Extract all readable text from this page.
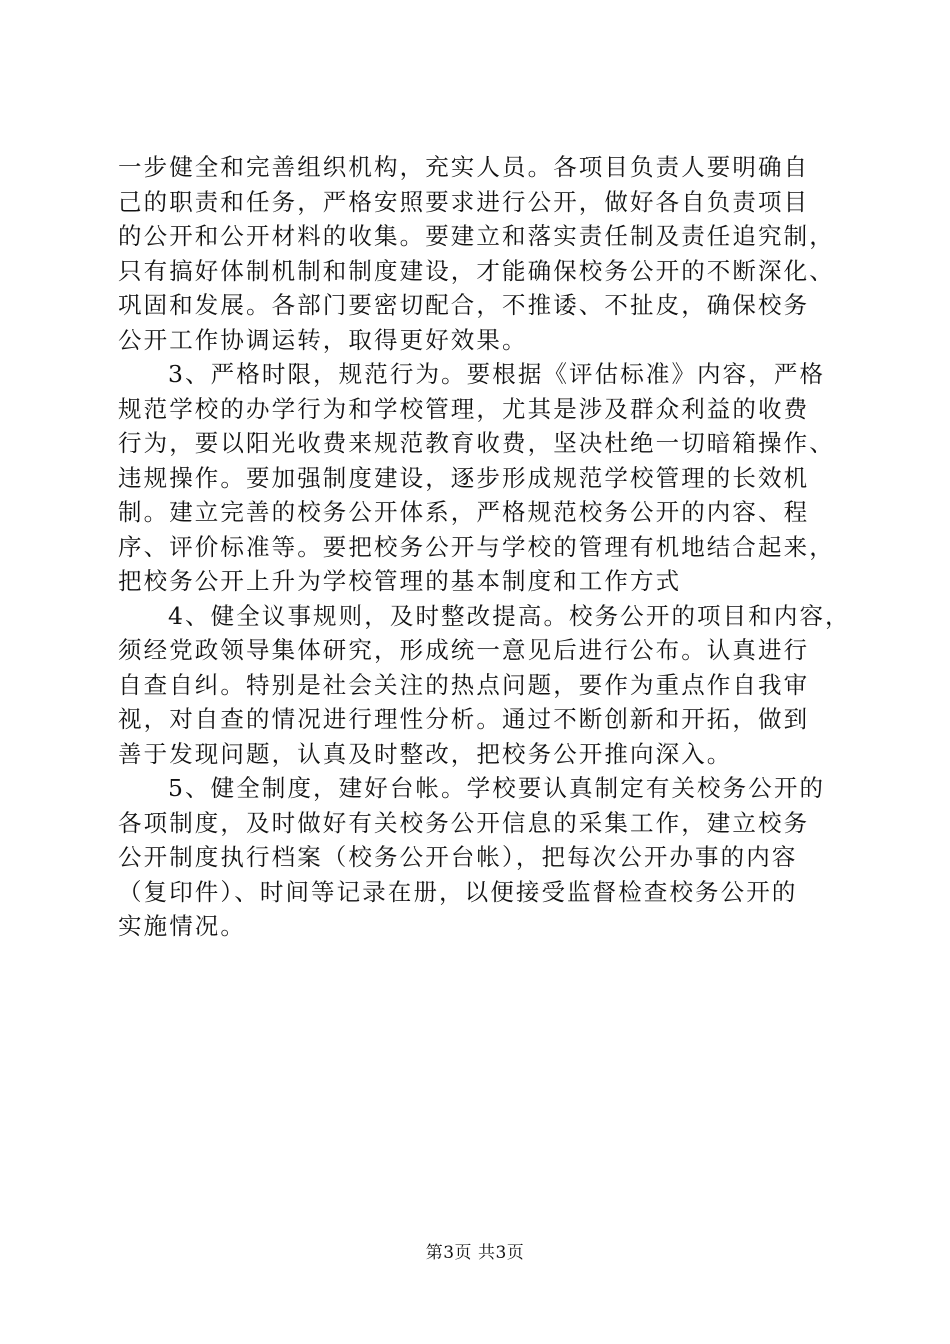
一步健全和完善组织机构，充实人员。各项目负责人要明确自
己的职责和任务，严格安照要求进行公开，做好各自负责项目
的公开和公开材料的收集。要建立和落实责任制及责任追究制，
只有搞好体制机制和制度建设，才能确保校务公开的不断深化、
巩固和发展。各部门要密切配合，不推诿、不扯皮，确保校务
公开工作协调运转，取得更好效果。
3、严格时限，规范行为。要根据《评估标准》内容，严格
规范学校的办学行为和学校管理，尤其是涉及群众利益的收费
行为，要以阳光收费来规范教育收费，坚决杜绝一切暗箱操作、
违规操作。要加强制度建设，逐步形成规范学校管理的长效机
制。建立完善的校务公开体系，严格规范校务公开的内容、程
序、评价标准等。要把校务公开与学校的管理有机地结合起来，
把校务公开上升为学校管理的基本制度和工作方式
4、健全议事规则，及时整改提高。校务公开的项目和内容，
须经党政领导集体研究，形成统一意见后进行公布。认真进行
自查自纠。特别是社会关注的热点问题，要作为重点作自我审
视，对自查的情况进行理性分析。通过不断创新和开拓，做到
善于发现问题，认真及时整改，把校务公开推向深入。
5、健全制度，建好台帐。学校要认真制定有关校务公开的
各项制度，及时做好有关校务公开信息的采集工作，建立校务
公开制度执行档案（校务公开台帐），把每次公开办事的内容
（复印件）、时间等记录在册，以便接受监督检查校务公开的
实施情况。
第3页 共3页
